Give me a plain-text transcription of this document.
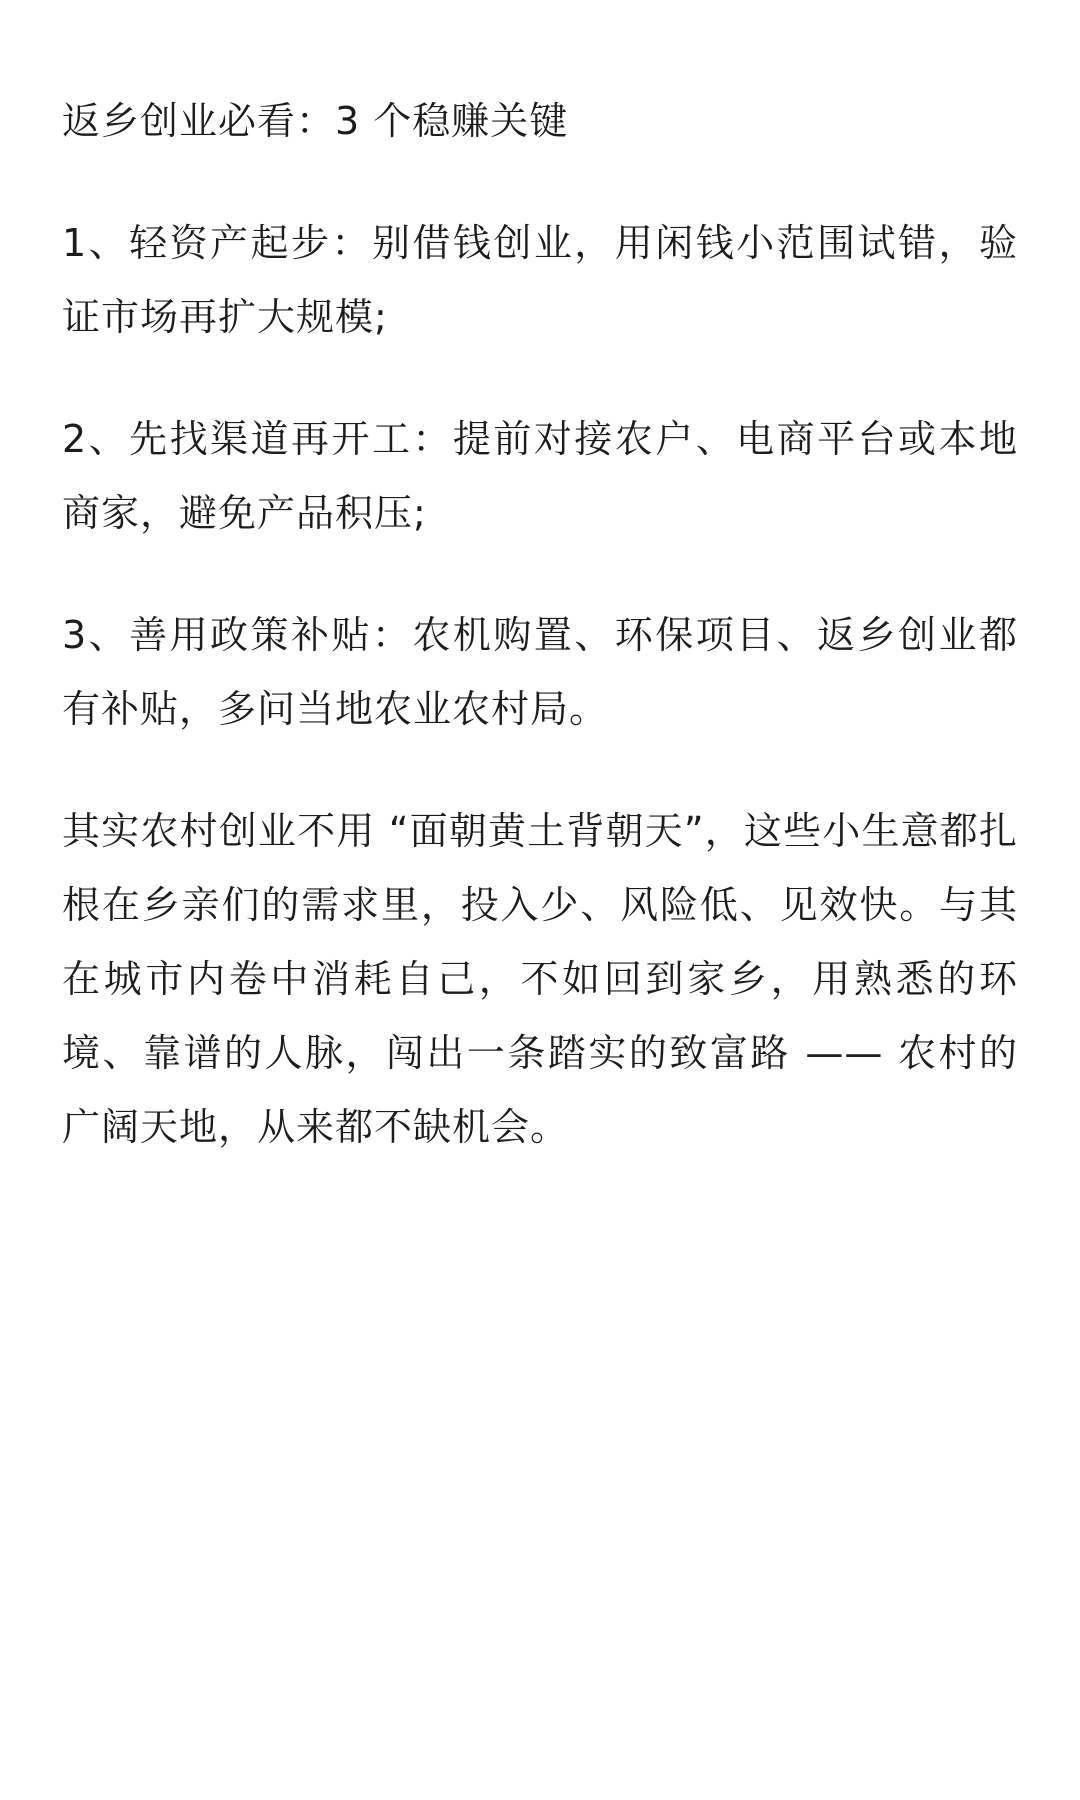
返乡创业必看：3 个稳赚关键

1、轻资产起步：别借钱创业，用闲钱小范围试错，验证市场再扩大规模;

2、先找渠道再开工：提前对接农户、电商平台或本地商家，避免产品积压;

3、善用政策补贴：农机购置、环保项目、返乡创业都有补贴，多问当地农业农村局。

其实农村创业不用 “面朝黄土背朝天”，这些小生意都扎根在乡亲们的需求里，投入少、风险低、见效快。与其在城市内卷中消耗自己，不如回到家乡，用熟悉的环境、靠谱的人脉，闯出一条踏实的致富路 —— 农村的广阔天地，从来都不缺机会。
